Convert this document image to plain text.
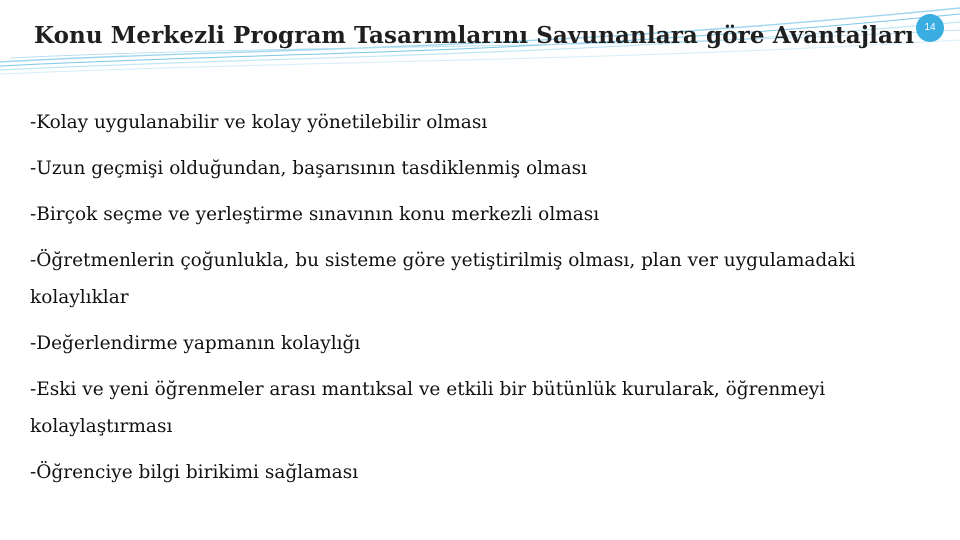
Konu Merkezli Program Tasarımlarını Savunanlara göre Avantajları	14
-Kolay uygulanabilir ve kolay yönetilebilir olması
-Uzun geçmişi olduğundan, başarısının tasdiklenmiş olması
-Birçok seçme ve yerleştirme sınavının konu merkezli olması
-Öğretmenlerin çoğunlukla, bu sisteme göre yetiştirilmiş olması, plan ver uygulamadaki kolaylıklar
-Değerlendirme yapmanın kolaylığı
-Eski ve yeni öğrenmeler arası mantıksal ve etkili bir bütünlük kurularak, öğrenmeyi kolaylaştırması
-Öğrenciye bilgi birikimi sağlaması
